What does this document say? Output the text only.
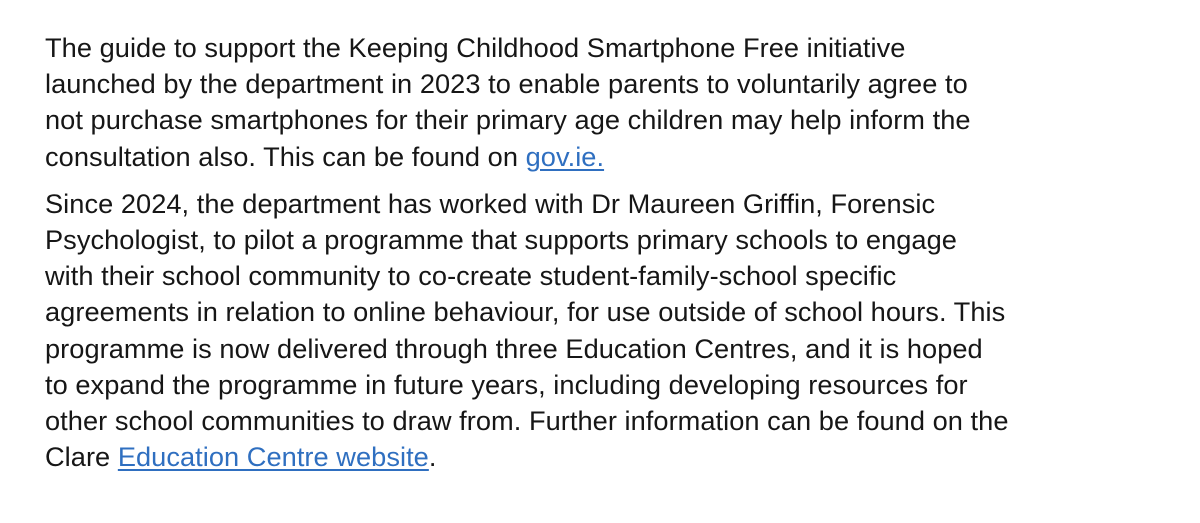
The guide to support the Keeping Childhood Smartphone Free initiative
launched by the department in 2023 to enable parents to voluntarily agree to
not purchase smartphones for their primary age children may help inform the
consultation also. This can be found on gov.ie.

Since 2024, the department has worked with Dr Maureen Griffin, Forensic
Psychologist, to pilot a programme that supports primary schools to engage
with their school community to co-create student-family-school specific
agreements in relation to online behaviour, for use outside of school hours. This
programme is now delivered through three Education Centres, and it is hoped
to expand the programme in future years, including developing resources for
other school communities to draw from. Further information can be found on the
Clare Education Centre website.
